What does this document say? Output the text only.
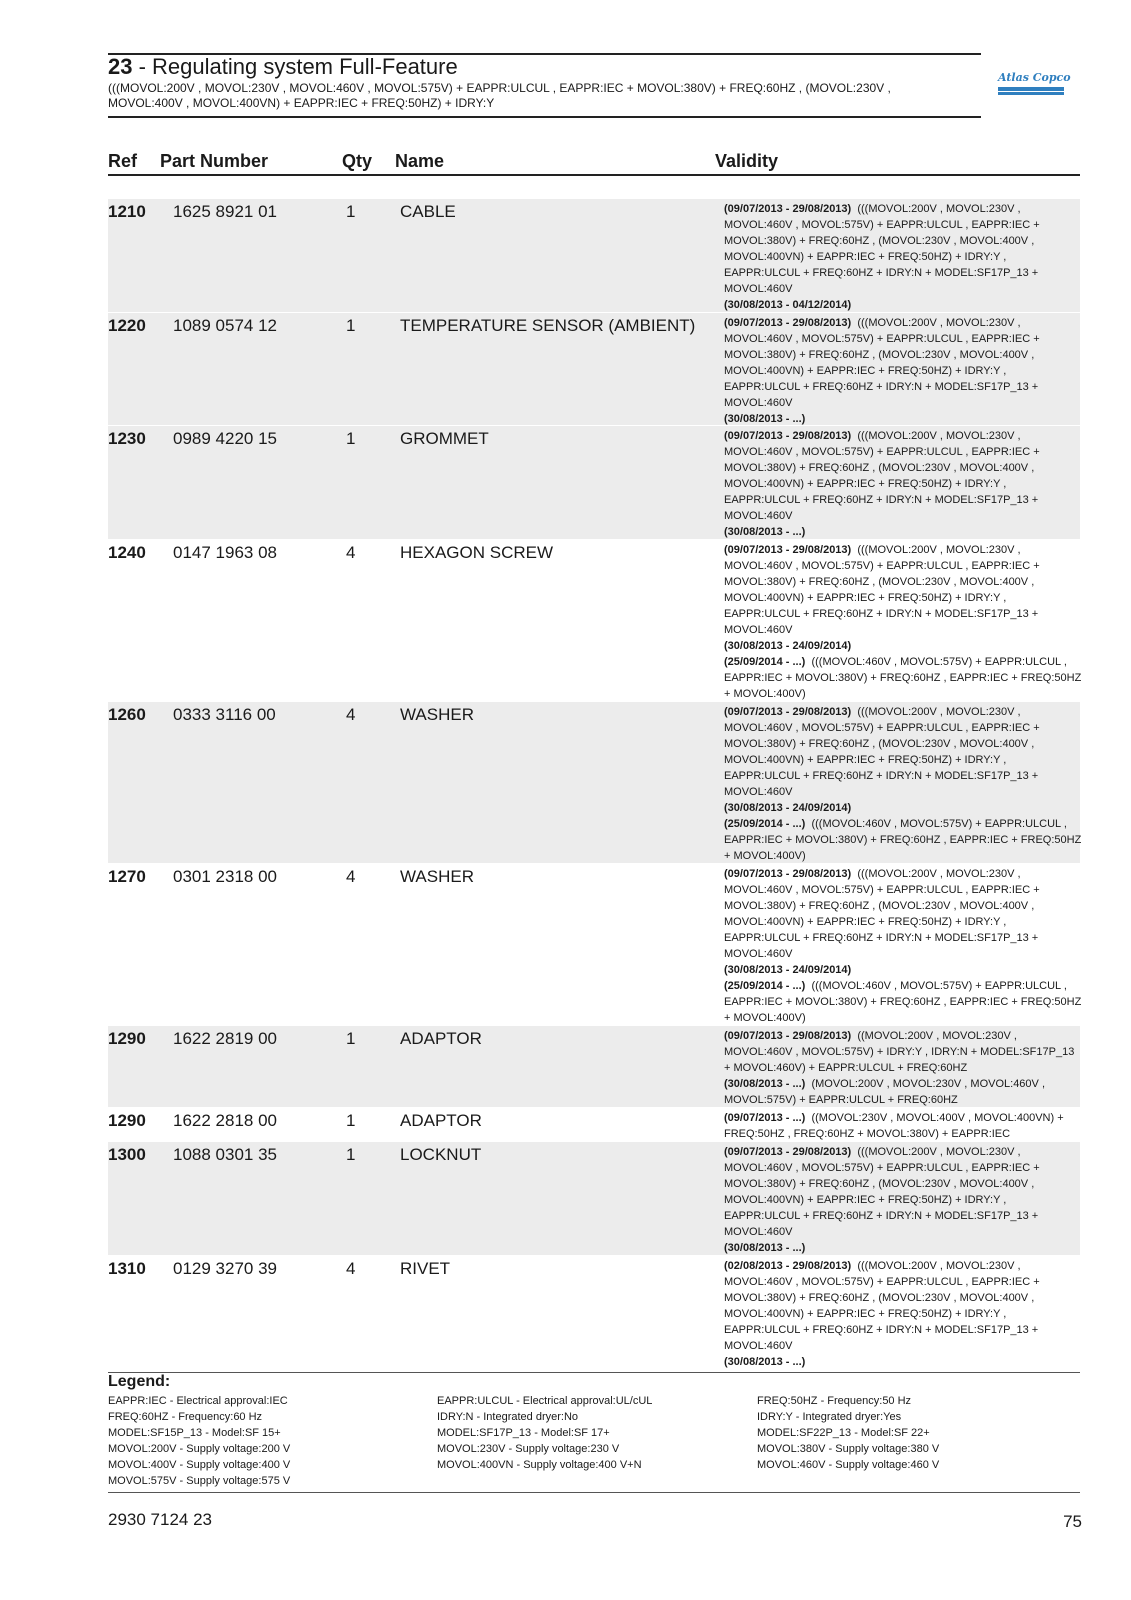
23 - Regulating system Full-Feature
(((MOVOL:200V , MOVOL:230V , MOVOL:460V , MOVOL:575V) + EAPPR:ULCUL , EAPPR:IEC + MOVOL:380V) + FREQ:60HZ , (MOVOL:230V , MOVOL:400V , MOVOL:400VN) + EAPPR:IEC + FREQ:50HZ) + IDRY:Y
Atlas Copco
Ref Part Number	Qty Name	Validity
1210 1625 8921 01	1	CABLE	(09/07/2013 - 29/08/2013) (((MOVOL:200V , MOVOL:230V ,
MOVOL:460V , MOVOL:575V) + EAPPR:ULCUL , EAPPR:IEC +
MOVOL:380V) + FREQ:60HZ , (MOVOL:230V , MOVOL:400V ,
MOVOL:400VN) + EAPPR:IEC + FREQ:50HZ) + IDRY:Y ,
EAPPR:ULCUL + FREQ:60HZ + IDRY:N + MODEL:SF17P_13 +
MOVOL:460V
(30/08/2013 - 04/12/2014)
1220 1089 0574 12	1	TEMPERATURE SENSOR (AMBIENT)	(09/07/2013 - 29/08/2013) (((MOVOL:200V , MOVOL:230V ,
MOVOL:460V , MOVOL:575V) + EAPPR:ULCUL , EAPPR:IEC +
MOVOL:380V) + FREQ:60HZ , (MOVOL:230V , MOVOL:400V ,
MOVOL:400VN) + EAPPR:IEC + FREQ:50HZ) + IDRY:Y ,
EAPPR:ULCUL + FREQ:60HZ + IDRY:N + MODEL:SF17P_13 +
MOVOL:460V
(30/08/2013 - ...)
1230 0989 4220 15	1	GROMMET	(09/07/2013 - 29/08/2013) (((MOVOL:200V , MOVOL:230V ,
MOVOL:460V , MOVOL:575V) + EAPPR:ULCUL , EAPPR:IEC +
MOVOL:380V) + FREQ:60HZ , (MOVOL:230V , MOVOL:400V ,
MOVOL:400VN) + EAPPR:IEC + FREQ:50HZ) + IDRY:Y ,
EAPPR:ULCUL + FREQ:60HZ + IDRY:N + MODEL:SF17P_13 +
MOVOL:460V
(30/08/2013 - ...)
1240 0147 1963 08	4	HEXAGON SCREW	(09/07/2013 - 29/08/2013) (((MOVOL:200V , MOVOL:230V ,
MOVOL:460V , MOVOL:575V) + EAPPR:ULCUL , EAPPR:IEC +
MOVOL:380V) + FREQ:60HZ , (MOVOL:230V , MOVOL:400V ,
MOVOL:400VN) + EAPPR:IEC + FREQ:50HZ) + IDRY:Y ,
EAPPR:ULCUL + FREQ:60HZ + IDRY:N + MODEL:SF17P_13 +
MOVOL:460V
(30/08/2013 - 24/09/2014)
(25/09/2014 - ...) (((MOVOL:460V , MOVOL:575V) + EAPPR:ULCUL ,
EAPPR:IEC + MOVOL:380V) + FREQ:60HZ , EAPPR:IEC + FREQ:50HZ
+ MOVOL:400V)
1260 0333 3116 00	4	WASHER	(09/07/2013 - 29/08/2013) (((MOVOL:200V , MOVOL:230V ,
MOVOL:460V , MOVOL:575V) + EAPPR:ULCUL , EAPPR:IEC +
MOVOL:380V) + FREQ:60HZ , (MOVOL:230V , MOVOL:400V ,
MOVOL:400VN) + EAPPR:IEC + FREQ:50HZ) + IDRY:Y ,
EAPPR:ULCUL + FREQ:60HZ + IDRY:N + MODEL:SF17P_13 +
MOVOL:460V
(30/08/2013 - 24/09/2014)
(25/09/2014 - ...) (((MOVOL:460V , MOVOL:575V) + EAPPR:ULCUL ,
EAPPR:IEC + MOVOL:380V) + FREQ:60HZ , EAPPR:IEC + FREQ:50HZ
+ MOVOL:400V)
1270 0301 2318 00	4	WASHER	(09/07/2013 - 29/08/2013) (((MOVOL:200V , MOVOL:230V ,
MOVOL:460V , MOVOL:575V) + EAPPR:ULCUL , EAPPR:IEC +
MOVOL:380V) + FREQ:60HZ , (MOVOL:230V , MOVOL:400V ,
MOVOL:400VN) + EAPPR:IEC + FREQ:50HZ) + IDRY:Y ,
EAPPR:ULCUL + FREQ:60HZ + IDRY:N + MODEL:SF17P_13 +
MOVOL:460V
(30/08/2013 - 24/09/2014)
(25/09/2014 - ...) (((MOVOL:460V , MOVOL:575V) + EAPPR:ULCUL ,
EAPPR:IEC + MOVOL:380V) + FREQ:60HZ , EAPPR:IEC + FREQ:50HZ
+ MOVOL:400V)
1290 1622 2819 00	1	ADAPTOR	(09/07/2013 - 29/08/2013) ((MOVOL:200V , MOVOL:230V ,
MOVOL:460V , MOVOL:575V) + IDRY:Y , IDRY:N + MODEL:SF17P_13
+ MOVOL:460V) + EAPPR:ULCUL + FREQ:60HZ
(30/08/2013 - ...) (MOVOL:200V , MOVOL:230V , MOVOL:460V ,
MOVOL:575V) + EAPPR:ULCUL + FREQ:60HZ
1290 1622 2818 00	1	ADAPTOR	(09/07/2013 - ...) ((MOVOL:230V , MOVOL:400V , MOVOL:400VN) +
FREQ:50HZ , FREQ:60HZ + MOVOL:380V) + EAPPR:IEC
1300 1088 0301 35	1	LOCKNUT	(09/07/2013 - 29/08/2013) (((MOVOL:200V , MOVOL:230V ,
MOVOL:460V , MOVOL:575V) + EAPPR:ULCUL , EAPPR:IEC +
MOVOL:380V) + FREQ:60HZ , (MOVOL:230V , MOVOL:400V ,
MOVOL:400VN) + EAPPR:IEC + FREQ:50HZ) + IDRY:Y ,
EAPPR:ULCUL + FREQ:60HZ + IDRY:N + MODEL:SF17P_13 +
MOVOL:460V
(30/08/2013 - ...)
1310 0129 3270 39	4	RIVET	(02/08/2013 - 29/08/2013) (((MOVOL:200V , MOVOL:230V ,
MOVOL:460V , MOVOL:575V) + EAPPR:ULCUL , EAPPR:IEC +
MOVOL:380V) + FREQ:60HZ , (MOVOL:230V , MOVOL:400V ,
MOVOL:400VN) + EAPPR:IEC + FREQ:50HZ) + IDRY:Y ,
EAPPR:ULCUL + FREQ:60HZ + IDRY:N + MODEL:SF17P_13 +
MOVOL:460V
(30/08/2013 - ...)
Legend:
EAPPR:IEC - Electrical approval:IEC
FREQ:60HZ - Frequency:60 Hz
MODEL:SF15P_13 - Model:SF 15+
MOVOL:200V - Supply voltage:200 V
MOVOL:400V - Supply voltage:400 V
MOVOL:575V - Supply voltage:575 V
EAPPR:ULCUL - Electrical approval:UL/cUL
IDRY:N - Integrated dryer:No
MODEL:SF17P_13 - Model:SF 17+
MOVOL:230V - Supply voltage:230 V
MOVOL:400VN - Supply voltage:400 V+N
FREQ:50HZ - Frequency:50 Hz
IDRY:Y - Integrated dryer:Yes
MODEL:SF22P_13 - Model:SF 22+
MOVOL:380V - Supply voltage:380 V
MOVOL:460V - Supply voltage:460 V
2930 7124 23	75
